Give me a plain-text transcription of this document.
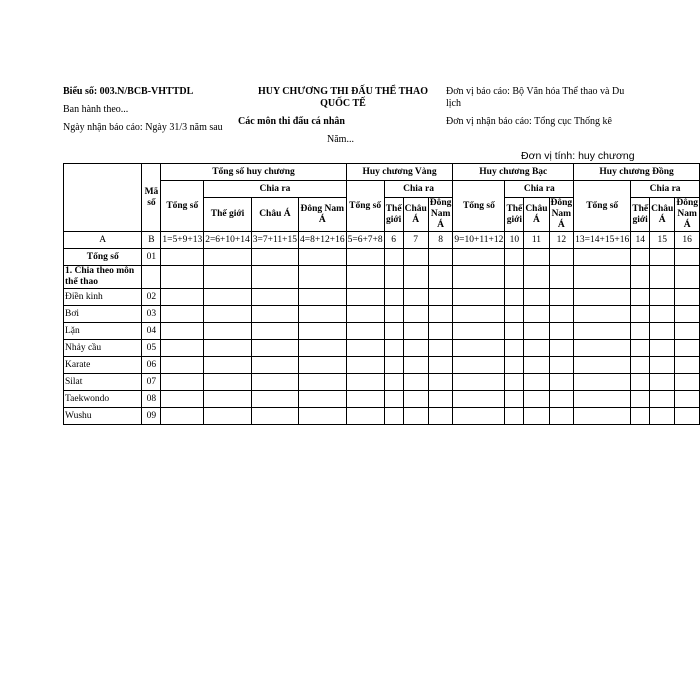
Biểu số: 003.N/BCB-VHTTDL
Ban hành theo...
Ngày nhận báo cáo: Ngày 31/3 năm sau
HUY CHƯƠNG THI ĐẤU THỂ THAO QUỐC TẾ
Các môn thi đấu cá nhân
Năm...
Đơn vị báo cáo: Bộ Văn hóa Thể thao và Du lịch
Đơn vị nhận báo cáo: Tổng cục Thống kê
Đơn vị tính: huy chương
	Mã số	Tổng số huy chương				Huy chương Vàng				Huy chương Bạc				Huy chương Đồng			
		Tổng số	Chia ra			Tổng số	Chia ra			Tổng số	Chia ra			Tổng số	Chia ra		
			Thế giới	Châu Á	Đông Nam Á		Thế giới	Châu Á	Đông Nam Á		Thế giới	Châu Á	Đông Nam Á		Thế giới	Châu Á	Đông Nam Á
A	B	1=5+9+13	2=6+10+14	3=7+11+15	4=8+12+16	5=6+7+8	6	7	8	9=10+11+12	10	11	12	13=14+15+16	14	15	16
Tổng số	01																
1. Chia theo môn thể thao																	
Điền kinh	02																
Bơi	03																
Lặn	04																
Nhảy cầu	05																
Karate	06																
Silat	07																
Taekwondo	08																
Wushu	09																
